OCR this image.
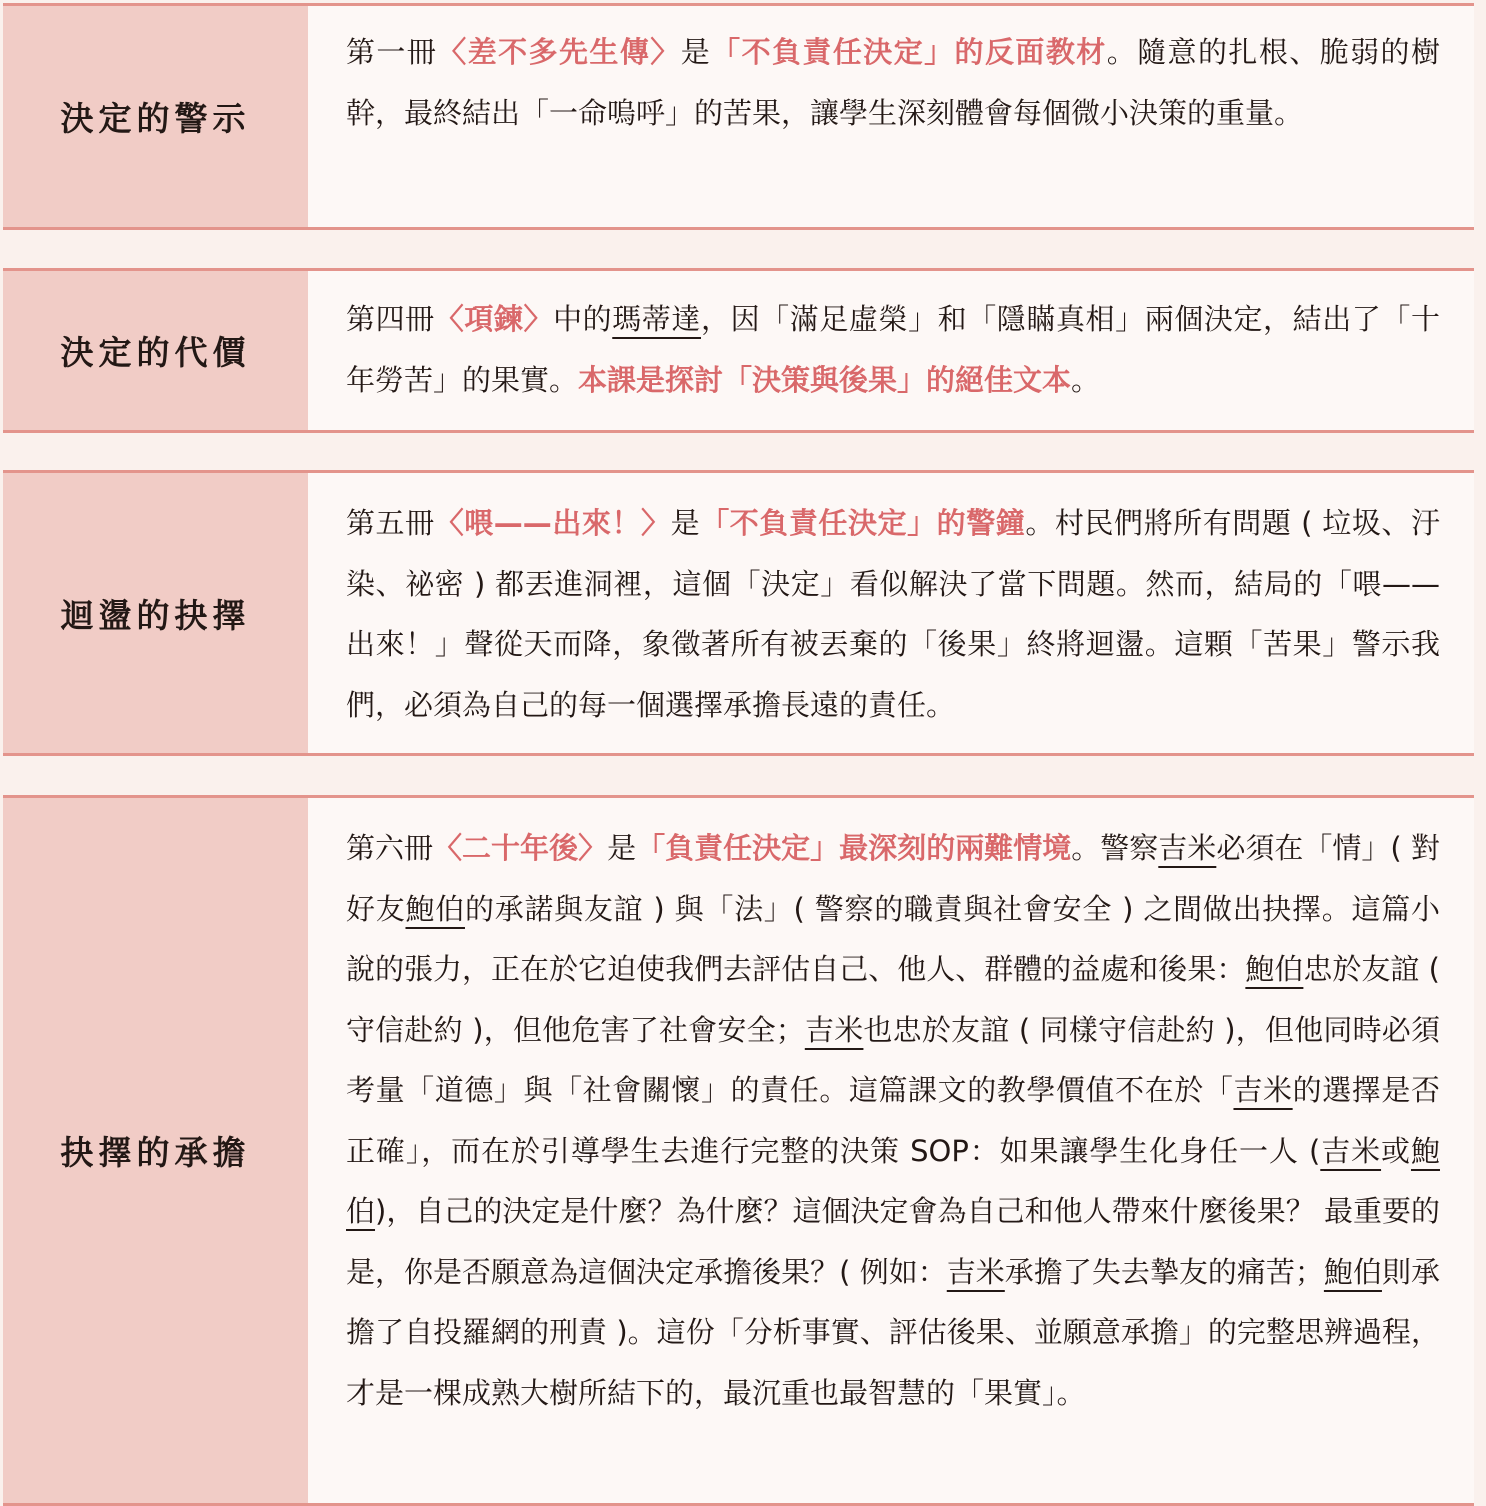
決定的警示
第一冊〈差不多先生傳〉是「不負責任決定」的反面教材。隨意的扎根、脆弱的樹幹，最終結出「一命嗚呼」的苦果，讓學生深刻體會每個微小決策的重量。
決定的代價
第四冊〈項鍊〉中的瑪蒂達，因「滿足虛榮」和「隱瞞真相」兩個決定，結出了「十年勞苦」的果實。本課是探討「決策與後果」的絕佳文本。
迴盪的抉擇
第五冊〈喂——出來！〉是「不負責任決定」的警鐘。村民們將所有問題 ( 垃圾、汙染、祕密 ) 都丟進洞裡，這個「決定」看似解決了當下問題。然而，結局的「喂——出來！」聲從天而降，象徵著所有被丟棄的「後果」終將迴盪。這顆「苦果」警示我們，必須為自己的每一個選擇承擔長遠的責任。
抉擇的承擔
第六冊〈二十年後〉是「負責任決定」最深刻的兩難情境。警察吉米必須在「情」( 對好友鮑伯的承諾與友誼 ) 與「法」( 警察的職責與社會安全 ) 之間做出抉擇。這篇小說的張力，正在於它迫使我們去評估自己、他人、群體的益處和後果：鮑伯忠於友誼 ( 守信赴約 )，但他危害了社會安全；吉米也忠於友誼 ( 同樣守信赴約 )，但他同時必須考量「道德」與「社會關懷」的責任。這篇課文的教學價值不在於「吉米的選擇是否正確」，而在於引導學生去進行完整的決策 SOP：如果讓學生化身任一人 (吉米或鮑伯)，自己的決定是什麼？為什麼？這個決定會為自己和他人帶來什麼後果？ 最重要的是，你是否願意為這個決定承擔後果？( 例如：吉米承擔了失去摯友的痛苦；鮑伯則承擔了自投羅網的刑責 )。這份「分析事實、評估後果、並願意承擔」的完整思辨過程，才是一棵成熟大樹所結下的，最沉重也最智慧的「果實」。
